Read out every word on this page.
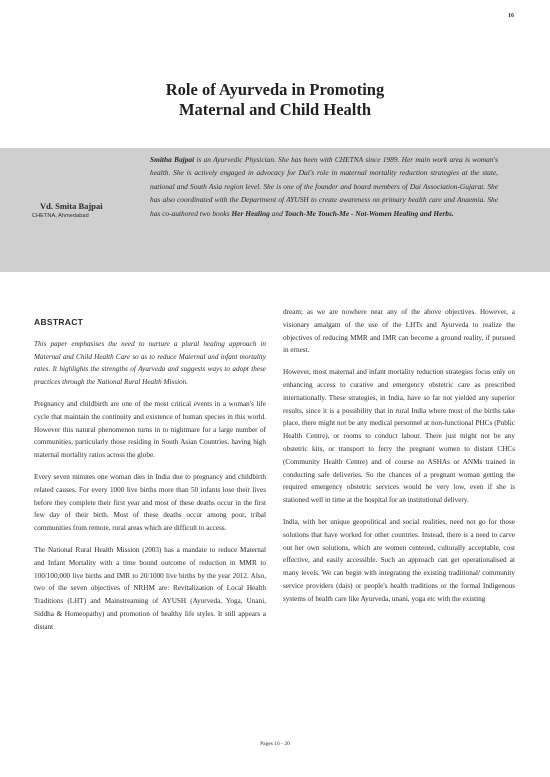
16
Role of Ayurveda in Promoting
Maternal and Child Health
Vd. Smita Bajpai
CHETNA, Ahmedabad
Smitha Bajpai is an Ayurvedic Physician. She has been with CHETNA since 1989. Her main work area is woman's health. She is actively engaged in advocacy for Dai's role in maternal mortality reduction strategies at the state, national and South Asia region level. She is one of the founder and board members of Dai Association-Gujarat. She has also coordinated with the Department of AYUSH to create awareness on primary health care and Anaemia. She has co-authored two books Her Healing and Touch-Me Touch-Me - Not-Women Healing and Herbs.
ABSTRACT

This paper emphasises the need to nurture a plural healing approach in Maternal and Child Health Care so as to reduce Maternal and infant mortality rates. It highlights the strengths of Ayurveda and suggests ways to adopt these practices through the National Rural Health Mission.

Pregnancy and childbirth are one of the most critical events in a woman's life cycle that maintain the continuity and existence of human species in this world. However this natural phenomenon turns in to nightmare for a large number of communities, particularly those residing in South Asian Countries, having high maternal mortality ratios across the globe.

Every seven minutes one woman dies in India due to pregnancy and childbirth related causes. For every 1000 live births more than 50 infants lose their lives before they complete their first year and most of these deaths occur in the first few day of their birth. Most of these deaths occur among poor, tribal communities from remote, rural areas which are difficult to access.

The National Rural Health Mission (2003) has a mandate to reduce Maternal and Infant Mortality with a time bound outcome of reduction in MMR to 100/100,000 live births and IMR to 20/1000 live births by the year 2012. Also, two of the seven objectives of NRHM are: Revitalization of Local Health Traditions (LHT) and Mainstreaming of AYUSH (Ayurveda, Yoga, Unani, Siddha & Homeopathy) and promotion of healthy life styles. It still appears a distant

dream; as we are nowhere near any of the above objectives. However, a visionary amalgam of the use of the LHTs and Ayurveda to realize the objectives of reducing MMR and IMR can become a ground reality, if pursued in ernest.

However, most maternal and infant mortality reduction strategies focus only on enhancing access to curative and emergency obstetric care as prescribed internationally. These strategies, in India, have so far not yielded any superior results, since it is a possibility that in rural India where most of the births take place, there might not be any medical personnel at non-functional PHCs (Public Health Centre), or rooms to conduct labour. There just might not be any obstetric kits, or transport to ferry the pregnant women to distant CHCs (Community Health Centre) and of course no ASHAs or ANMs trained in conducting safe deliveries. So the chances of a pregnant woman getting the required emergency obstetric services would be very low, even if she is stationed well in time at the hospital for an institutional delivery.

India, with her unique geopolitical and social realities, need not go for those solutions that have worked for other countries. Instead, there is a need to carve out her own solutions, which are women centered, culturally acceptable, cost effective, and easily accessible. Such an approach can get operationalised at many levels. We can begin with integrating the existing traditional/ community service providers (dais) or people's health traditions or the formal Indigenous systems of health care like Ayurveda, unani, yoga etc with the existing

Pages 16 - 20
